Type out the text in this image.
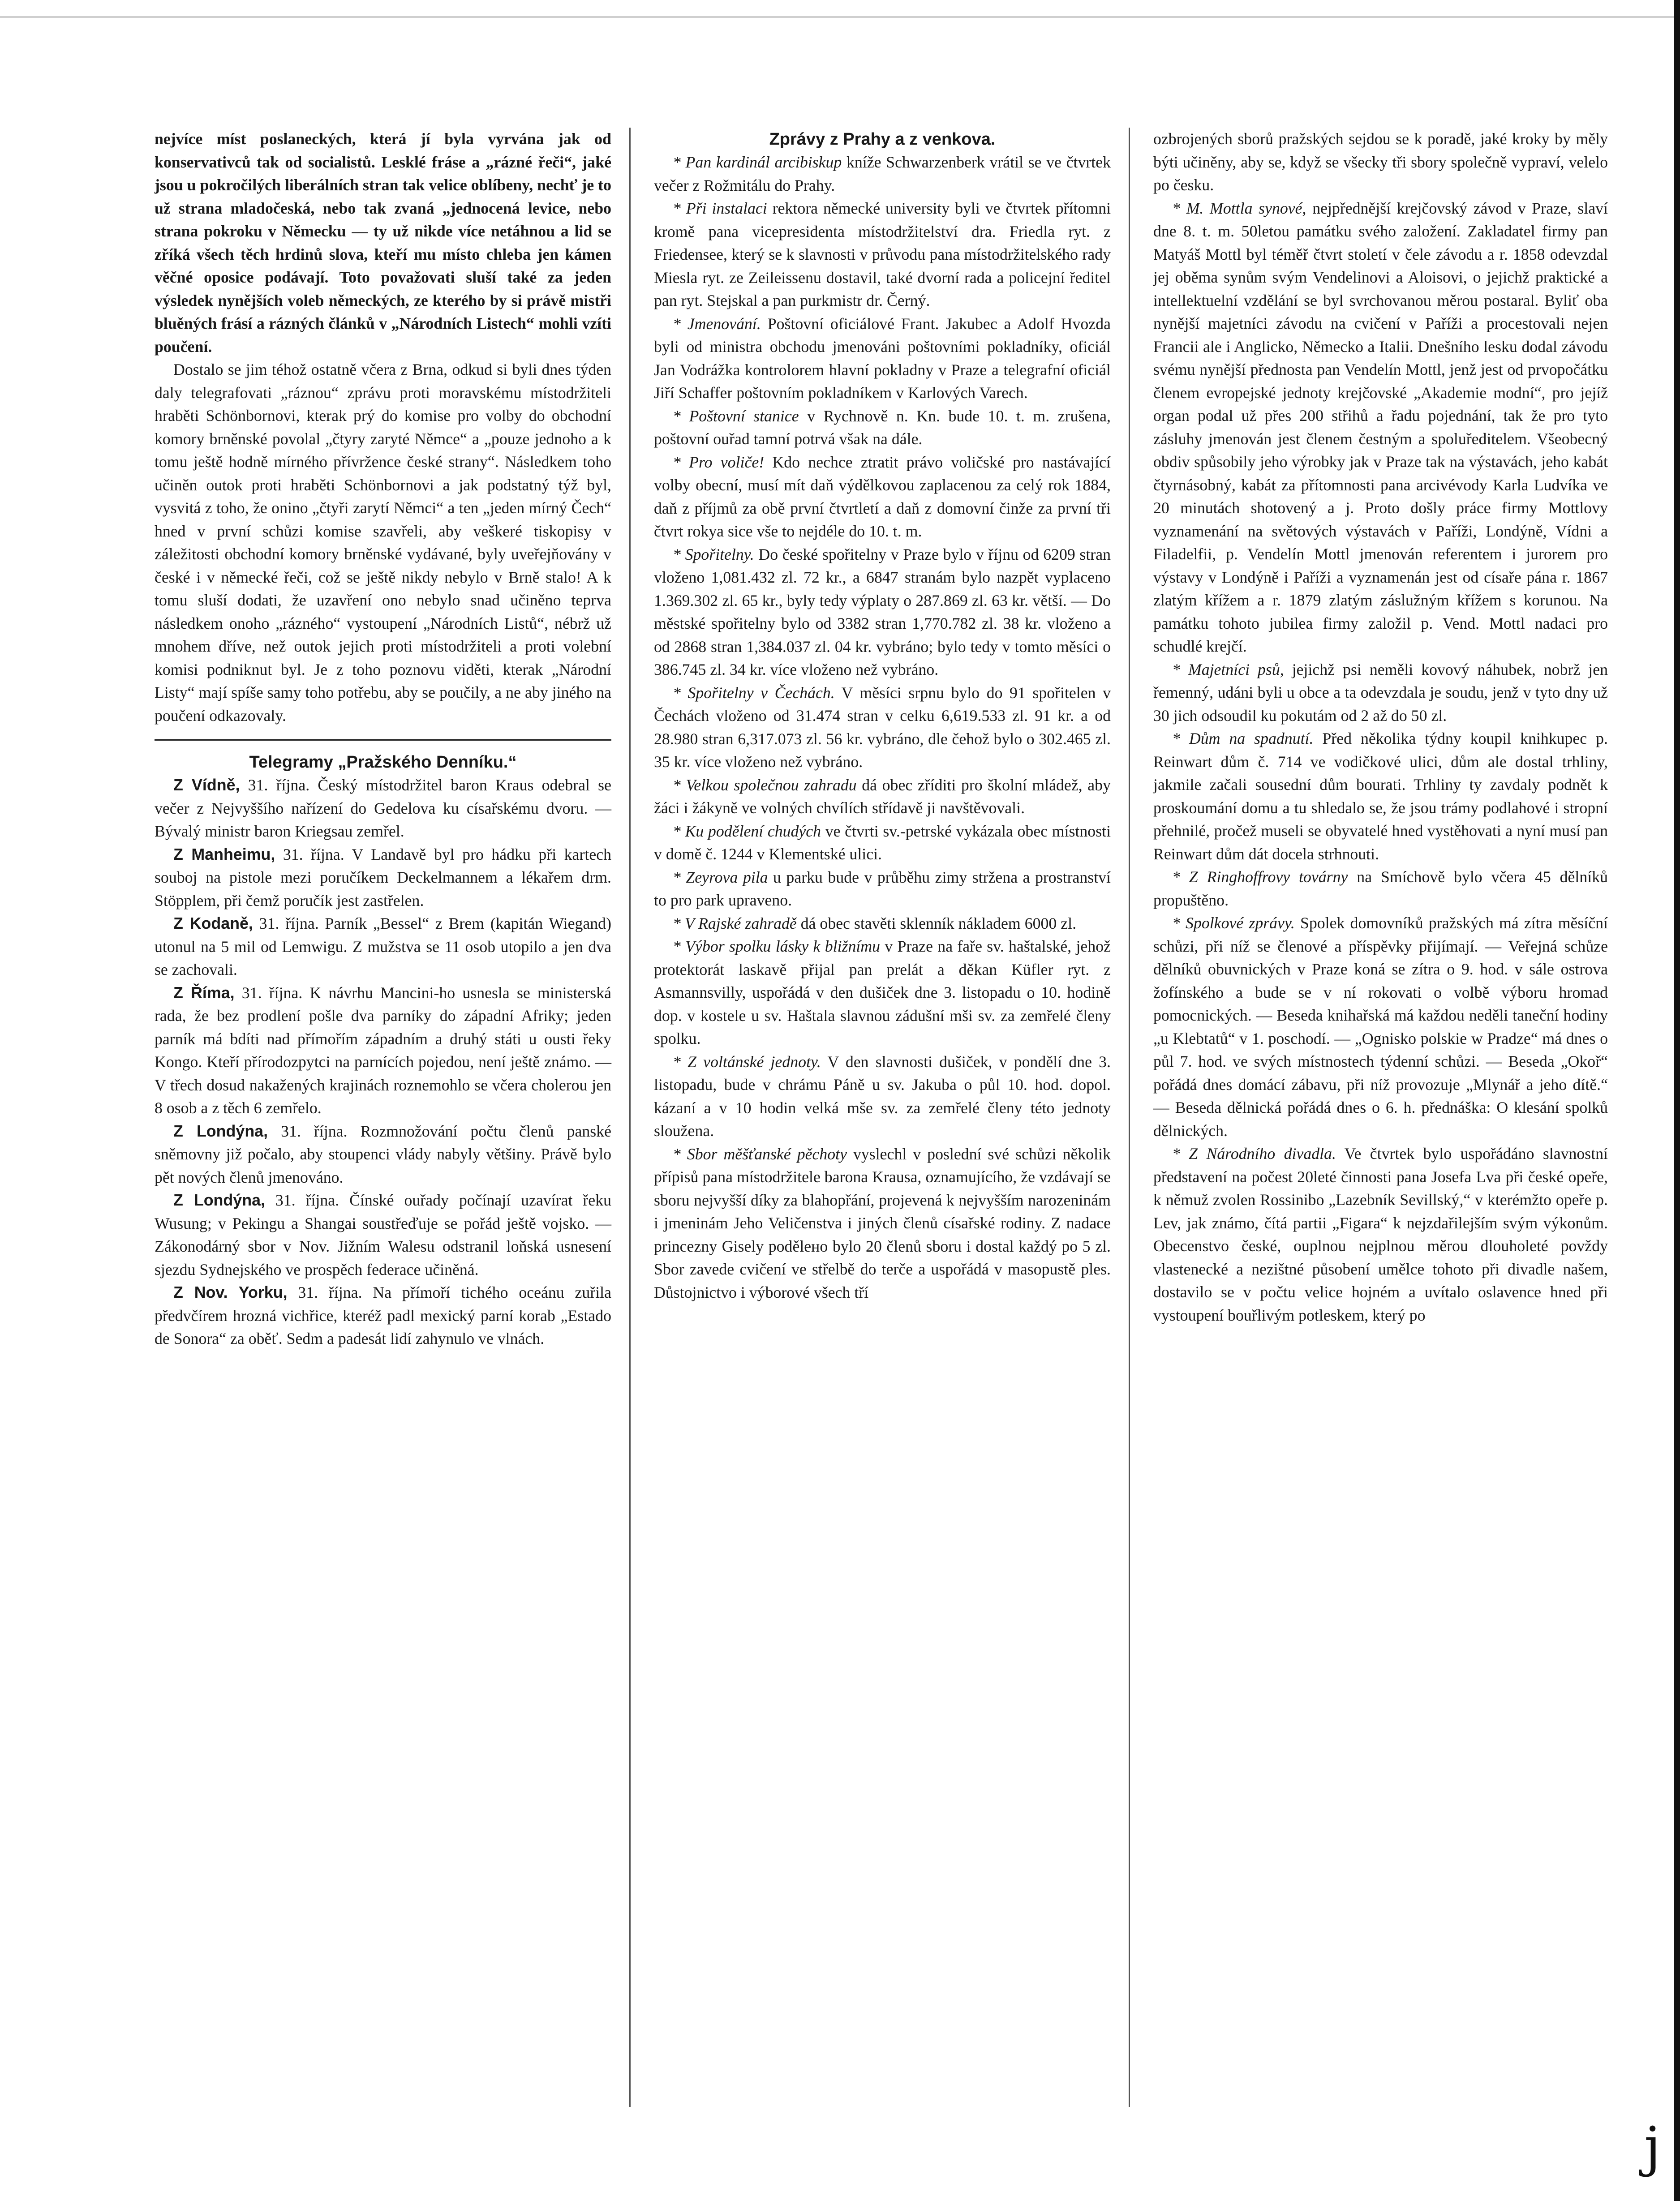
nejvíce míst poslaneckých, která jí byla vyrvána jak od konservativců tak od socialistů. Lesklé fráse a „rázné řeči“, jaké jsou u pokročilých liberálních stran tak velice oblíbeny, nechť je to už strana mladočeská, nebo tak zvaná „jednocená levice, nebo strana pokroku v Německu — ty už nikde více netáhnou a lid se zříká všech těch hrdinů slova, kteří mu místo chleba jen kámen věčné oposice podávají. Toto považovati sluší také za jeden výsledek nynějších voleb německých, ze kterého by si právě mistři bluěných frásí a rázných článků v „Národních Listech“ mohli vzíti poučení.

Dostalo se jim téhož ostatně včera z Brna, odkud si byli dnes týden daly telegrafovati „ráznou“ zprávu proti moravskému místodržiteli hraběti Schönbornovi, kterak prý do komise pro volby do obchodní komory brněnské povolal „čtyry zaryté Němce“ a „pouze jednoho a k tomu ještě hodně mírného přívržence české strany“. Následkem toho učiněn outok proti hraběti Schönbornovi a jak podstatný týž byl, vysvitá z toho, že onino „čtyři zarytí Němci“ a ten „jeden mírný Čech“ hned v první schůzi komise szavřeli, aby veškeré tiskopisy v záležitosti obchodní komory brněnské vydávané, byly uveřejňovány v české i v německé řeči, což se ještě nikdy nebylo v Brně stalo! A k tomu sluší dodati, že uzavření ono nebylo snad učiněno teprva následkem onoho „rázného“ vystoupení „Národních Listů“, nébrž už mnohem dříve, než outok jejich proti místodržiteli a proti volební komisi podniknut byl. Je z toho poznovu viděti, kterak „Národní Listy“ mají spíše samy toho potřebu, aby se poučily, a ne aby jiného na poučení odkazovaly.

Telegramy „Pražského Denníku.“

Z Vídně, 31. října. Český místodržitel baron Kraus odebral se večer z Nejvyššího nařízení do Gedelova ku císařskému dvoru. — Bývalý ministr baron Kriegsau zemřel.

Z Manheimu, 31. října. V Landavě byl pro hádku při kartech souboj na pistole mezi poručíkem Deckelmannem a lékařem drm. Stöpplem, při čemž poručík jest zastřelen.

Z Kodaně, 31. října. Parník „Bessel“ z Brem (kapitán Wiegand) utonul na 5 mil od Lemwigu. Z mužstva se 11 osob utopilo a jen dva se zachovali.

Z Říma, 31. října. K návrhu Mancini-ho usnesla se ministerská rada, že bez prodlení pošle dva parníky do západní Afriky; jeden parník má bdíti nad přímořím západním a druhý státi u ousti řeky Kongo. Kteří přírodozpytci na parnících pojedou, není ještě známo. — V třech dosud nakažených krajinách roznemohlo se včera cholerou jen 8 osob a z těch 6 zemřelo.

Z Londýna, 31. října. Rozmnožování počtu členů panské sněmovny již počalo, aby stoupenci vlády nabyly většiny. Právě bylo pět nových členů jmenováno.

Z Londýna, 31. října. Čínské ouřady počínají uzavírat řeku Wusung; v Pekingu a Shangai soustřeďuje se pořád ještě vojsko. — Zákonodárný sbor v Nov. Jižním Walesu odstranil loňská usnesení sjezdu Sydnejského ve prospěch federace učiněná.

Z Nov. Yorku, 31. října. Na přímoří tichého oceánu zuřila předvčírem hrozná vichřice, kteréž padl mexický parní korab „Estado de Sonora“ za oběť. Sedm a padesát lidí zahynulo ve vlnách.

Zprávy z Prahy a z venkova.

* Pan kardinál arcibiskup kníže Schwarzenberk vrátil se ve čtvrtek večer z Rožmitálu do Prahy.

* Při instalaci rektora německé university byli ve čtvrtek přítomni kromě pana vicepresidenta místodržitelství dra. Friedla ryt. z Friedensee, který se k slavnosti v průvodu pana místodržitelského rady Miesla ryt. ze Zeileissenu dostavil, také dvorní rada a policejní ředitel pan ryt. Stejskal a pan purkmistr dr. Černý.

* Jmenování. Poštovní oficiálové Frant. Jakubec a Adolf Hvozda byli od ministra obchodu jmenováni poštovními pokladníky, oficiál Jan Vodrážka kontrolorem hlavní pokladny v Praze a telegrafní oficiál Jiří Schaffer poštovním pokladníkem v Karlových Varech.

* Poštovní stanice v Rychnově n. Kn. bude 10. t. m. zrušena, poštovní ouřad tamní potrvá však na dále.

* Pro voliče! Kdo nechce ztratit právo voličské pro nastávající volby obecní, musí mít daň výdělkovou zaplacenou za celý rok 1884, daň z příjmů za obě první čtvrtletí a daň z domovní činže za první tři čtvrt rokya sice vše to nejdéle do 10. t. m.

* Spořitelny. Do české spořitelny v Praze bylo v říjnu od 6209 stran vloženo 1,081.432 zl. 72 kr., a 6847 stranám bylo nazpět vyplaceno 1.369.302 zl. 65 kr., byly tedy výplaty o 287.869 zl. 63 kr. větší. — Do městské spořitelny bylo od 3382 stran 1,770.782 zl. 38 kr. vloženo a od 2868 stran 1,384.037 zl. 04 kr. vybráno; bylo tedy v tomto měsíci o 386.745 zl. 34 kr. více vloženo než vybráno.

* Spořitelny v Čechách. V měsíci srpnu bylo do 91 spořitelen v Čechách vloženo od 31.474 stran v celku 6,619.533 zl. 91 kr. a od 28.980 stran 6,317.073 zl. 56 kr. vybráno, dle čehož bylo o 302.465 zl. 35 kr. více vloženo než vybráno.

* Velkou společnou zahradu dá obec zříditi pro školní mládež, aby žáci i žákyně ve volných chvílích střídavě ji navštěvovali.

* Ku podělení chudých ve čtvrti sv.-petrské vykázala obec místnosti v domě č. 1244 v Klementské ulici.

* Zeyrova pila u parku bude v průběhu zimy stržena a prostranství to pro park upraveno.

* V Rajské zahradě dá obec stavěti sklenník nákladem 6000 zl.

* Výbor spolku lásky k bližnímu v Praze na faře sv. haštalské, jehož protektorát laskavě přijal pan prelát a děkan Küfler ryt. z Asmannsvilly, uspořádá v den dušiček dne 3. listopadu o 10. hodině dop. v kostele u sv. Haštala slavnou zádušní mši sv. za zemřelé členy spolku.

* Z voltánské jednoty. V den slavnosti dušiček, v pondělí dne 3. listopadu, bude v chrámu Páně u sv. Jakuba o půl 10. hod. dopol. kázaní a v 10 hodin velká mše sv. za zemřelé členy této jednoty sloužena.

* Sbor měšťanské pěchoty vyslechl v poslední své schůzi několik přípisů pana místodržitele barona Krausa, oznamujícího, že vzdávají se sboru nejvyšší díky za blahopřání, projevená k nejvyšším narozeninám i jmeninám Jeho Veličenstva i jiných členů císařské rodiny. Z nadace princezny Gisely podělено bylo 20 členů sboru i dostal každý po 5 zl. Sbor zavede cvičení ve střelbě do terče a uspořádá v masopustě ples. Důstojnictvo i výborové všech tří

ozbrojených sborů pražských sejdou se k poradě, jaké kroky by měly býti učiněny, aby se, když se všecky tři sbory společně vypraví, velelo po česku.

* M. Mottla synové, nejpřednější krejčovský závod v Praze, slaví dne 8. t. m. 50letou památku svého založení. Zakladatel firmy pan Matyáš Mottl byl téměř čtvrt století v čele závodu a r. 1858 odevzdal jej oběma synům svým Vendelinovi a Aloisovi, o jejichž praktické a intellektuelní vzdělání se byl svrchovanou měrou postaral. Byliť oba nynější majetníci závodu na cvičení v Paříži a procestovali nejen Francii ale i Anglicko, Německo a Italii. Dnešního lesku dodal závodu svému nynější přednosta pan Vendelín Mottl, jenž jest od prvopočátku členem evropejské jednoty krejčovské „Akademie modní“, pro jejíž organ podal už přes 200 střihů a řadu pojednání, tak že pro tyto zásluhy jmenován jest členem čestným a spoluředitelem. Všeobecný obdiv spůsobily jeho výrobky jak v Praze tak na výstavách, jeho kabát čtyrnásobný, kabát za přítomnosti pana arcivévody Karla Ludvíka ve 20 minutách shotovený a j. Proto došly práce firmy Mottlovy vyznamenání na světových výstavách v Paříži, Londýně, Vídni a Filadelfii, p. Vendelín Mottl jmenován referentem i jurorem pro výstavy v Londýně i Paříži a vyznamenán jest od císaře pána r. 1867 zlatým křížem a r. 1879 zlatým záslužným křížem s korunou. Na památku tohoto jubilea firmy založil p. Vend. Mottl nadaci pro schudlé krejčí.

* Majetníci psů, jejichž psi neměli kovový náhubek, nobrž jen řemenný, udáni byli u obce a ta odevzdala je soudu, jenž v tyto dny už 30 jich odsoudil ku pokutám od 2 až do 50 zl.

* Dům na spadnutí. Před několika týdny koupil knihkupec p. Reinwart dům č. 714 ve vodičkové ulici, dům ale dostal trhliny, jakmile začali sousední dům bourati. Trhliny ty zavdaly podnět k proskoumání domu a tu shledalo se, že jsou trámy podlahové i stropní přehnilé, pročež museli se obyvatelé hned vystěhovati a nyní musí pan Reinwart dům dát docela strhnouti.

* Z Ringhoffrovy továrny na Smíchově bylo včera 45 dělníků propuštěno.

* Spolkové zprávy. Spolek domovníků pražských má zítra měsíční schůzi, při níž se členové a příspěvky přijímají. — Veřejná schůze dělníků obuvnických v Praze koná se zítra o 9. hod. v sále ostrova žofínského a bude se v ní rokovati o volbě výboru hromad pomocnických. — Beseda knihařská má každou neděli taneční hodiny „u Klebtatů“ v 1. poschodí. — „Ognisko polskie w Pradze“ má dnes o půl 7. hod. ve svých místnostech týdenní schůzi. — Beseda „Okoř“ pořádá dnes domácí zábavu, při níž provozuje „Mlynář a jeho dítě.“ — Beseda dělnická pořádá dnes o 6. h. přednáška: O klesání spolků dělnických.

* Z Národního divadla. Ve čtvrtek bylo uspořádáno slavnostní představení na počest 20leté činnosti pana Josefa Lva při české opeře, k němuž zvolen Rossinibo „Lazebník Sevillský,“ v kterémžto opeře p. Lev, jak známo, čítá partii „Figara“ k nejzdařilejším svým výkonům. Obecenstvo české, ouplnou nejplnou měrou dlouholeté povždy vlastenecké a nezištné působení umělce tohoto při divadle našem, dostavilo se v počtu velice hojném a uvítalo oslavence hned při vystoupení bouřlivým potleskem, který po

j
